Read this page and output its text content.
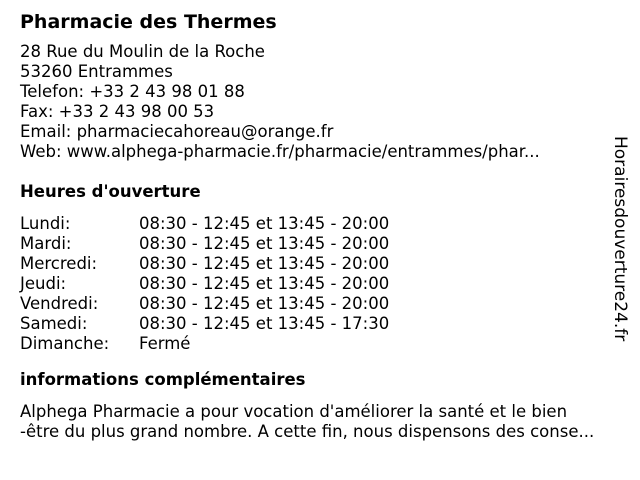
Pharmacie des Thermes
28 Rue du Moulin de la Roche
53260 Entrammes
Telefon: +33 2 43 98 01 88
Fax: +33 2 43 98 00 53
Email: pharmaciecahoreau@orange.fr
Web: www.alphega-pharmacie.fr/pharmacie/entrammes/phar...
Heures d'ouverture
Lundi:	08:30 - 12:45 et 13:45 - 20:00
Mardi:	08:30 - 12:45 et 13:45 - 20:00
Mercredi:	08:30 - 12:45 et 13:45 - 20:00
Jeudi:	08:30 - 12:45 et 13:45 - 20:00
Vendredi:	08:30 - 12:45 et 13:45 - 20:00
Samedi:	08:30 - 12:45 et 13:45 - 17:30
Dimanche:	Fermé
informations complémentaires
Alphega Pharmacie a pour vocation d'améliorer la santé et le bien
-être du plus grand nombre. A cette fin, nous dispensons des conse...
Horairesdouverture24.fr
